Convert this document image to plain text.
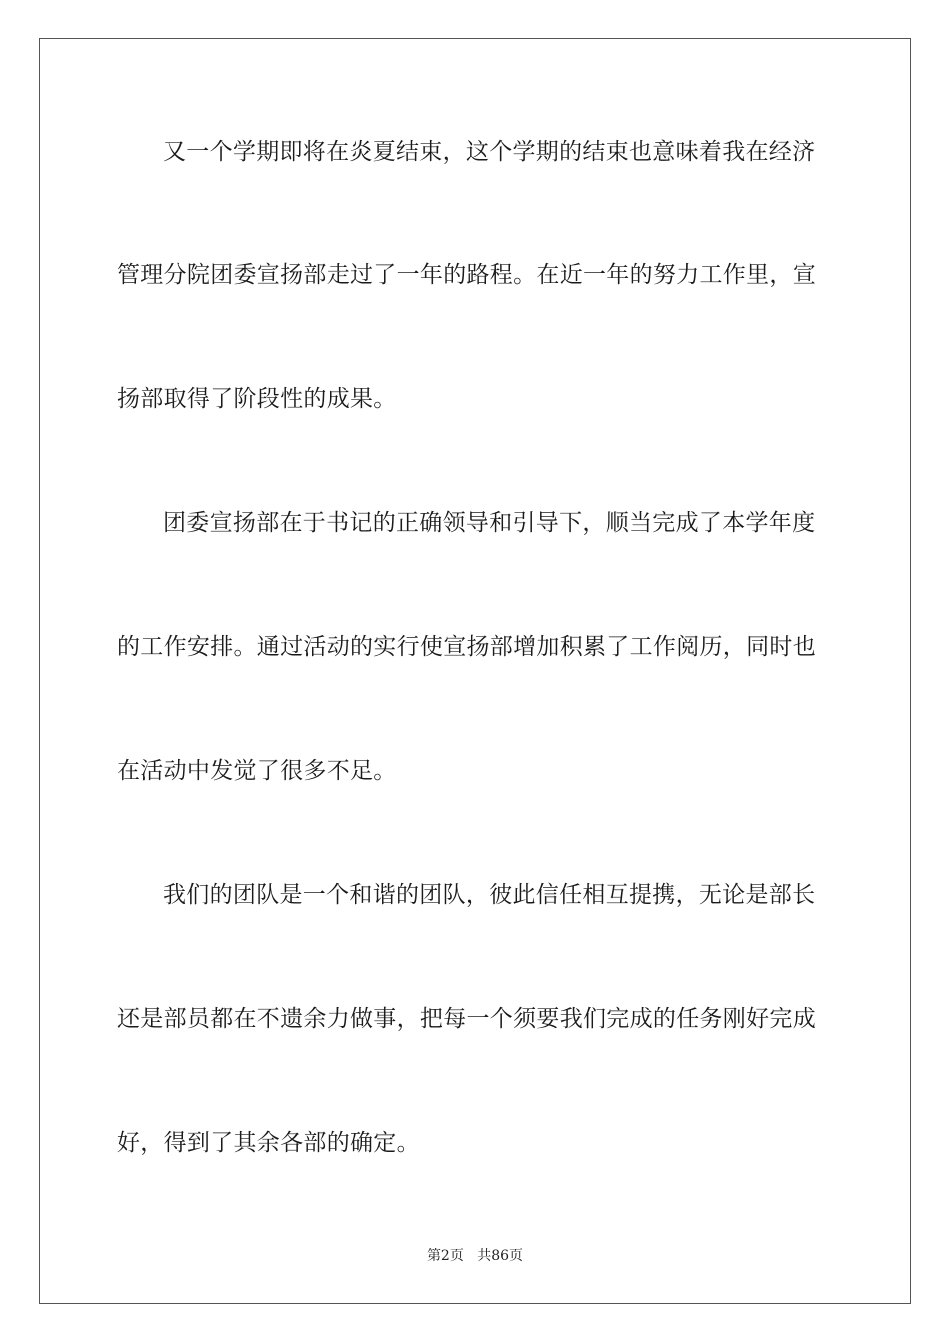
又一个学期即将在炎夏结束，这个学期的结束也意味着我在经济
管理分院团委宣扬部走过了一年的路程。在近一年的努力工作里，宣
扬部取得了阶段性的成果。
团委宣扬部在于书记的正确领导和引导下，顺当完成了本学年度
的工作安排。通过活动的实行使宣扬部增加积累了工作阅历，同时也
在活动中发觉了很多不足。
我们的团队是一个和谐的团队，彼此信任相互提携，无论是部长
还是部员都在不遗余力做事，把每一个须要我们完成的任务刚好完成
好，得到了其余各部的确定。
第2页 共86页
